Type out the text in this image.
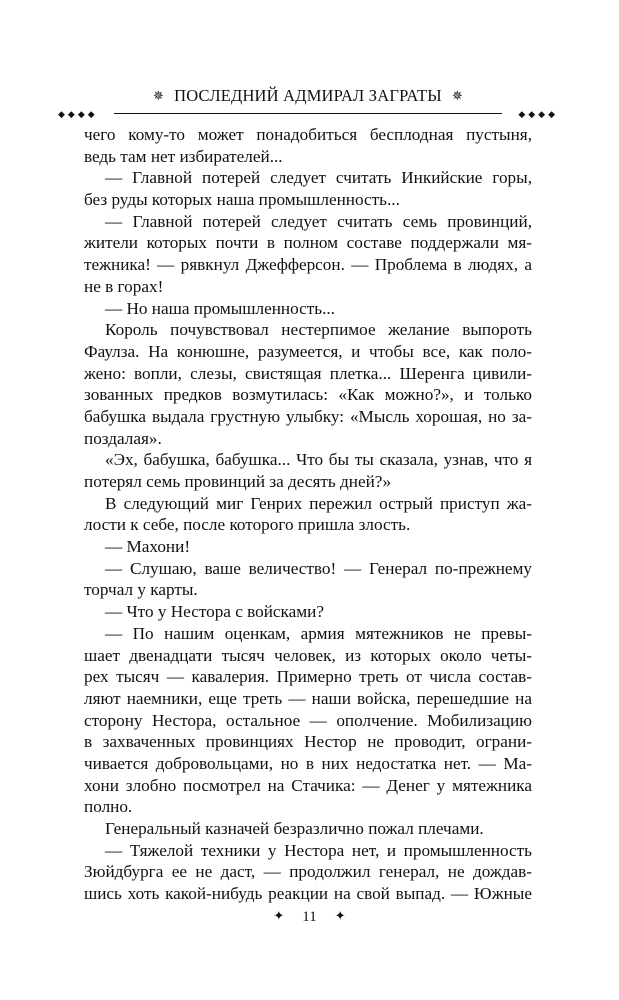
✵ ПОСЛЕДНИЙ АДМИРАЛ ЗАГРАТЫ ✵
◆◆◆◆	◆◆◆◆
чего кому-то может понадобиться бесплодная пустыня,
ведь там нет избирателей...
— Главной потерей следует считать Инкийские горы,
без руды которых наша промышленность...
— Главной потерей следует считать семь провинций,
жители которых почти в полном составе поддержали мя-
тежника! — рявкнул Джефферсон. — Проблема в людях, а
не в горах!
— Но наша промышленность...
Король почувствовал нестерпимое желание выпороть
Фаулза. На конюшне, разумеется, и чтобы все, как поло-
жено: вопли, слезы, свистящая плетка... Шеренга цивили-
зованных предков возмутилась: «Как можно?», и только
бабушка выдала грустную улыбку: «Мысль хорошая, но за-
поздалая».
«Эх, бабушка, бабушка... Что бы ты сказала, узнав, что я
потерял семь провинций за десять дней?»
В следующий миг Генрих пережил острый приступ жа-
лости к себе, после которого пришла злость.
— Махони!
— Слушаю, ваше величество! — Генерал по-прежнему
торчал у карты.
— Что у Нестора с войсками?
— По нашим оценкам, армия мятежников не превы-
шает двенадцати тысяч человек, из которых около четы-
рех тысяч — кавалерия. Примерно треть от числа состав-
ляют наемники, еще треть — наши войска, перешедшие на
сторону Нестора, остальное — ополчение. Мобилизацию
в захваченных провинциях Нестор не проводит, ограни-
чивается добровольцами, но в них недостатка нет. — Ма-
хони злобно посмотрел на Стачика: — Денег у мятежника
полно.
Генеральный казначей безразлично пожал плечами.
— Тяжелой техники у Нестора нет, и промышленность
Зюйдбурга ее не даст, — продолжил генерал, не дождав-
шись хоть какой-нибудь реакции на свой выпад. — Южные
✦ 11 ✦
